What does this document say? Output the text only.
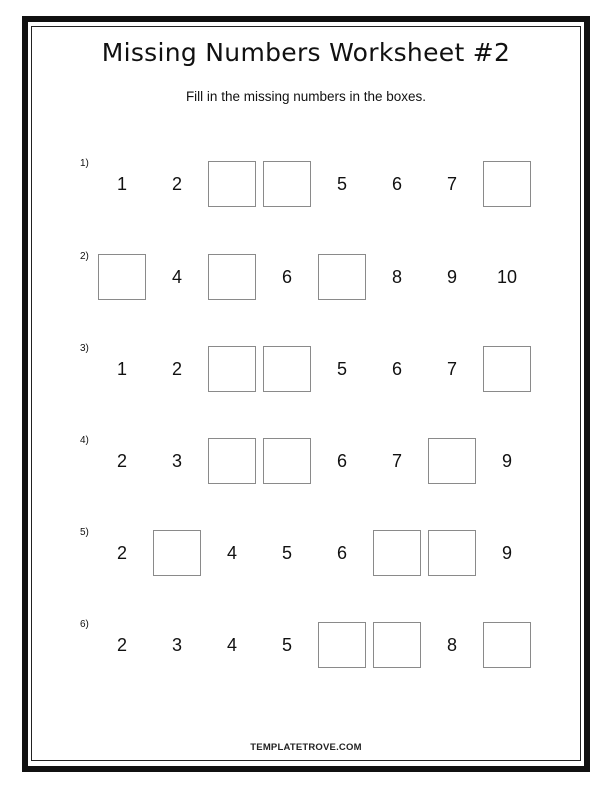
Missing Numbers Worksheet #2
Fill in the missing numbers in the boxes.
1)
1	2	5	6	7
2)
4	6	8	9	10
3)
1	2	5	6	7
4)
2	3	6	7	9
5)
2	4	5	6	9
6)
2	3	4	5	8
TEMPLATETROVE.COM
